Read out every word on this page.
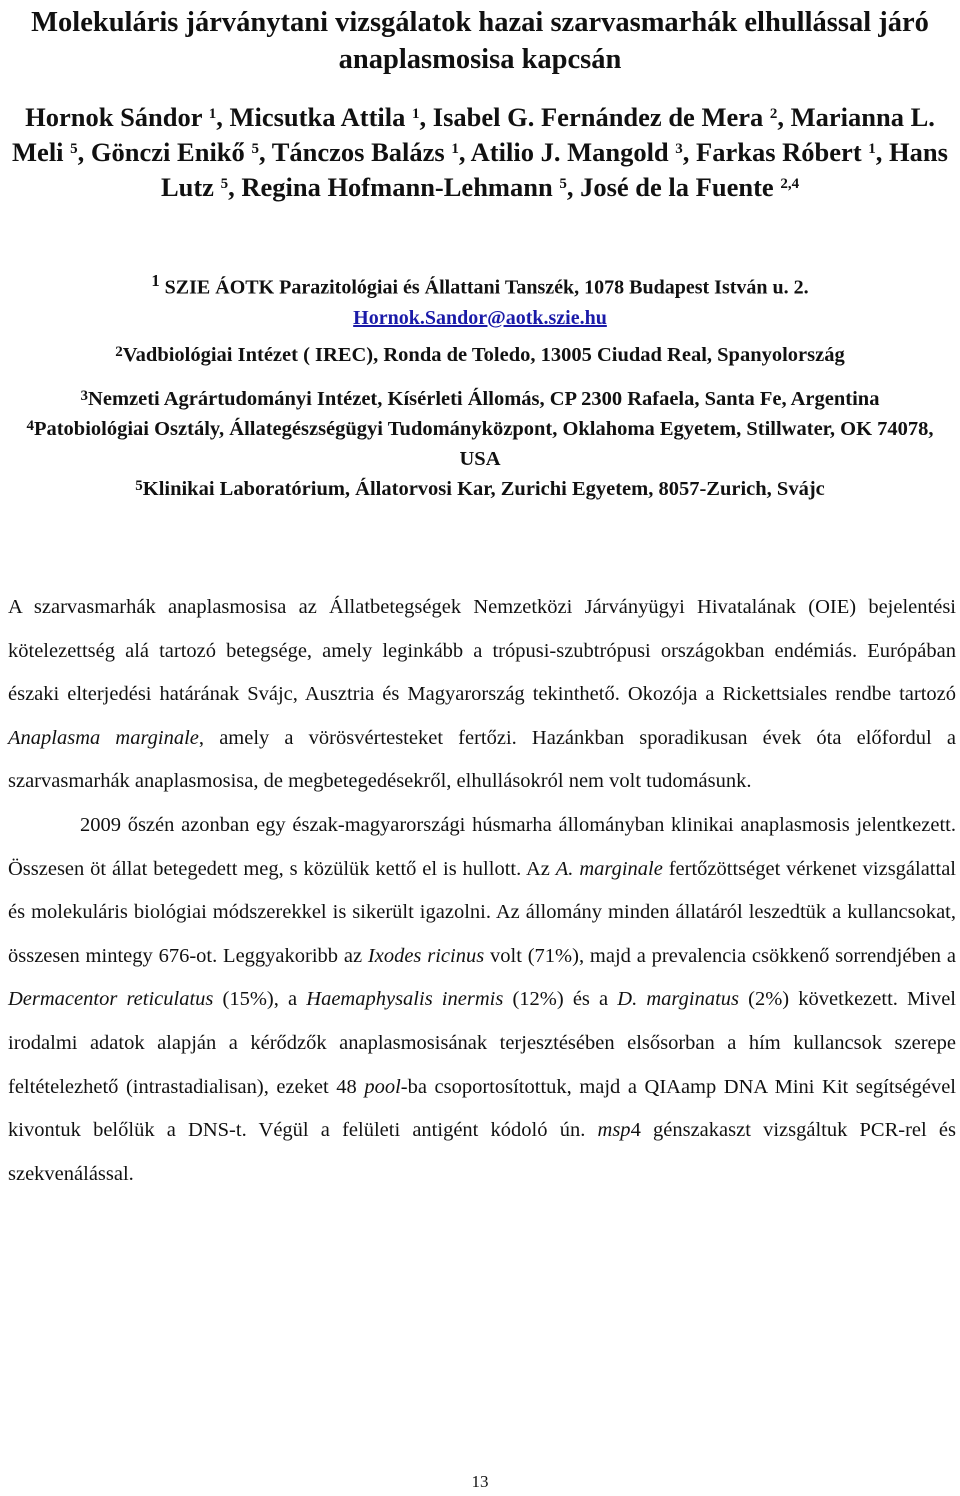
Molekuláris járványtani vizsgálatok hazai szarvasmarhák elhullással járó anaplasmosisa kapcsán
Hornok Sándor $^1$, Micsutka Attila $^1$, Isabel G. Fernández de Mera $^2$, Marianna L. Meli $^5$, Gönczi Enikő $^5$, Tánczos Balázs $^1$, Atilio J. Mangold $^3$, Farkas Róbert $^1$, Hans Lutz $^5$, Regina Hofmann-Lehmann $^5$, José de la Fuente $^{2,4}$
$^1$ SZIE ÁOTK Parazitológiai és Állattani Tanszék, 1078 Budapest István u. 2.
Hornok.Sandor@aotk.szie.hu

$^2$Vadbiológiai Intézet ( IREC), Ronda de Toledo, 13005 Ciudad Real, Spanyolország

$^3$Nemzeti Agrártudományi Intézet, Kísérleti Állomás, CP 2300 Rafaela, Santa Fe, Argentina

$^4$Patobiológiai Osztály, Állategészségügyi Tudományközpont, Oklahoma Egyetem, Stillwater, OK 74078, USA

$^5$Klinikai Laboratórium, Állatorvosi Kar, Zurichi Egyetem, 8057-Zurich, Svájc

A szarvasmarhák anaplasmosisa az Állatbetegségek Nemzetközi Járványügyi Hivatalának (OIE) bejelentési kötelezettség alá tartozó betegsége, amely leginkább a trópusi-szubtrópusi országokban endémiás. Európában északi elterjedési határának Svájc, Ausztria és Magyarország tekinthető. Okozója a Rickettsiales rendbe tartozó Anaplasma marginale, amely a vörösvértesteket fertőzi. Hazánkban sporadikusan évek óta előfordul a szarvasmarhák anaplasmosisa, de megbetegedésekről, elhullásokról nem volt tudomásunk.

2009 őszén azonban egy észak-magyarországi húsmarha állományban klinikai anaplasmosis jelentkezett. Összesen öt állat betegedett meg, s közülük kettő el is hullott. Az A. marginale fertőzöttséget vérkenet vizsgálattal és molekuláris biológiai módszerekkel is sikerült igazolni. Az állomány minden állatáról leszedtük a kullancsokat, összesen mintegy 676-ot. Leggyakoribb az Ixodes ricinus volt (71%), majd a prevalencia csökkenő sorrendjében a Dermacentor reticulatus (15%), a Haemaphysalis inermis (12%) és a D. marginatus (2%) következett. Mivel irodalmi adatok alapján a kérődzők anaplasmosisának terjesztésében elsősorban a hím kullancsok szerepe feltételezhető (intrastadialisan), ezeket 48 pool-ba csoportosítottuk, majd a QIAamp DNA Mini Kit segítségével kivontuk belőlük a DNS-t. Végül a felületi antigént kódoló ún. msp4 génszakaszt vizsgáltuk PCR-rel és szekvenálással.

13
